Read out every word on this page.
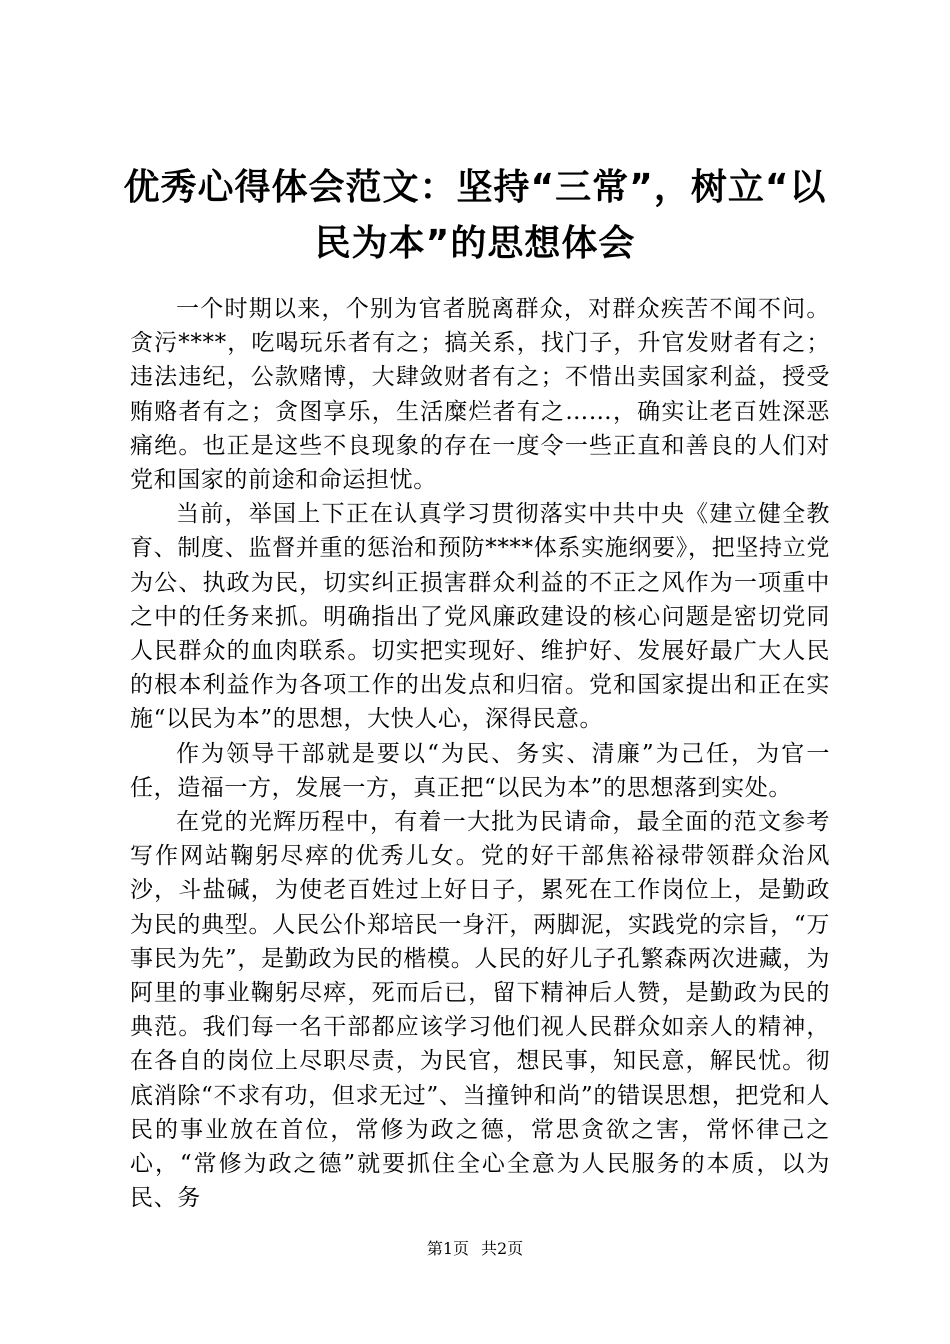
优秀心得体会范文：坚持“三常”，树立“以民为本”的思想体会

一个时期以来，个别为官者脱离群众，对群众疾苦不闻不问。贪污****，吃喝玩乐者有之；搞关系，找门子，升官发财者有之；违法违纪，公款赌博，大肆敛财者有之；不惜出卖国家利益，授受贿赂者有之；贪图享乐，生活糜烂者有之……，确实让老百姓深恶痛绝。也正是这些不良现象的存在一度令一些正直和善良的人们对党和国家的前途和命运担忧。

当前，举国上下正在认真学习贯彻落实中共中央《建立健全教育、制度、监督并重的惩治和预防****体系实施纲要》，把坚持立党为公、执政为民，切实纠正损害群众利益的不正之风作为一项重中之中的任务来抓。明确指出了党风廉政建设的核心问题是密切党同人民群众的血肉联系。切实把实现好、维护好、发展好最广大人民的根本利益作为各项工作的出发点和归宿。党和国家提出和正在实施“以民为本”的思想，大快人心，深得民意。

作为领导干部就是要以“为民、务实、清廉”为己任，为官一任，造福一方，发展一方，真正把“以民为本”的思想落到实处。

在党的光辉历程中，有着一大批为民请命，最全面的范文参考写作网站鞠躬尽瘁的优秀儿女。党的好干部焦裕禄带领群众治风沙，斗盐碱，为使老百姓过上好日子，累死在工作岗位上，是勤政为民的典型。人民公仆郑培民一身汗，两脚泥，实践党的宗旨，“万事民为先”，是勤政为民的楷模。人民的好儿子孔繁森两次进藏，为阿里的事业鞠躬尽瘁，死而后已，留下精神后人赞，是勤政为民的典范。我们每一名干部都应该学习他们视人民群众如亲人的精神，在各自的岗位上尽职尽责，为民官，想民事，知民意，解民忧。彻底消除“不求有功，但求无过”、当撞钟和尚”的错误思想，把党和人民的事业放在首位，常修为政之德，常思贪欲之害，常怀律己之心，“常修为政之德”就要抓住全心全意为人民服务的本质，以为民、务

第1页 共2页
